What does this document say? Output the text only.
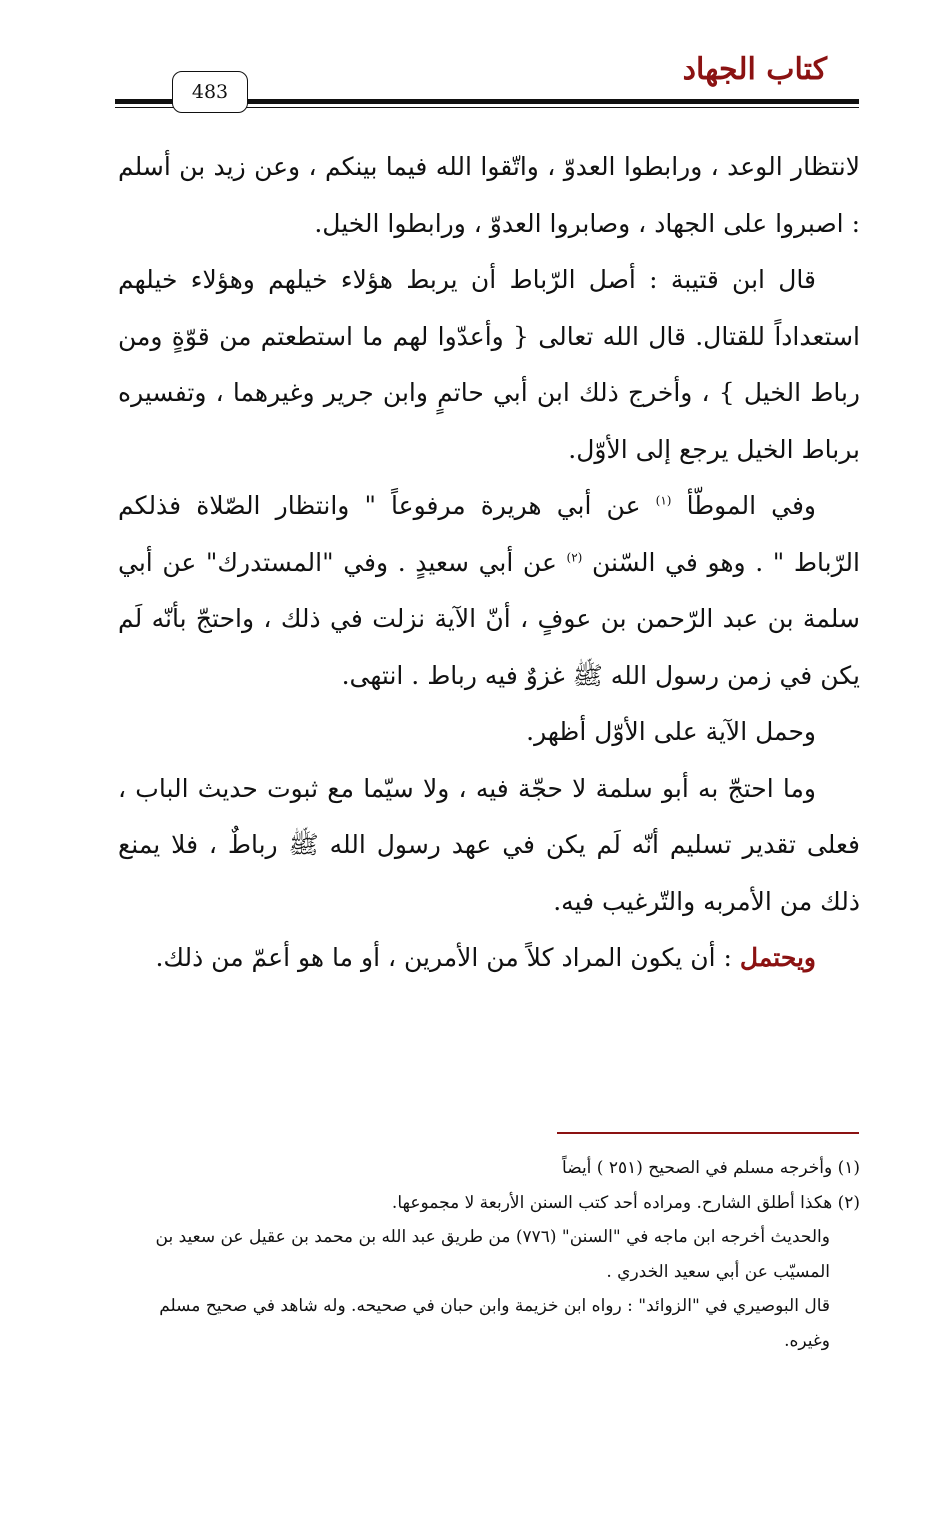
كتاب الجهاد
483

لانتظار الوعد ، ورابطوا العدوّ ، واتّقوا الله فيما بينكم ، وعن زيد بن أسلم : اصبروا على الجهاد ، وصابروا العدوّ ، ورابطوا الخيل.

قال ابن قتيبة : أصل الرّباط أن يربط هؤلاء خيلهم وهؤلاء خيلهم استعداداً للقتال. قال الله تعالى { وأعدّوا لهم ما استطعتم من قوّةٍ ومن رباط الخيل } ، وأخرج ذلك ابن أبي حاتمٍ وابن جرير وغيرهما ، وتفسيره برباط الخيل يرجع إلى الأوّل.

وفي الموطّأ $^{(١)}$ عن أبي هريرة مرفوعاً " وانتظار الصّلاة فذلكم الرّباط " . وهو في السّنن $^{(٢)}$ عن أبي سعيدٍ . وفي "المستدرك" عن أبي سلمة بن عبد الرّحمن بن عوفٍ ، أنّ الآية نزلت في ذلك ، واحتجّ بأنّه لَم يكن في زمن رسول الله ﷺ غزوٌ فيه رباط . انتهى.

وحمل الآية على الأوّل أظهر.

وما احتجّ به أبو سلمة لا حجّة فيه ، ولا سيّما مع ثبوت حديث الباب ، فعلى تقدير تسليم أنّه لَم يكن في عهد رسول الله ﷺ رباطٌ ، فلا يمنع ذلك من الأمربه والتّرغيب فيه.

ويحتمل : أن يكون المراد كلاً من الأمرين ، أو ما هو أعمّ من ذلك.

(١) وأخرجه مسلم في الصحيح (٢٥١ ) أيضاً

(٢) هكذا أطلق الشارح. ومراده أحد كتب السنن الأربعة لا مجموعها.

والحديث أخرجه ابن ماجه في "السنن" (٧٧٦) من طريق عبد الله بن محمد بن عقيل عن سعيد بن المسيّب عن أبي سعيد الخدري .

قال البوصيري في "الزوائد" : رواه ابن خزيمة وابن حبان في صحيحه. وله شاهد في صحيح مسلم وغيره.
